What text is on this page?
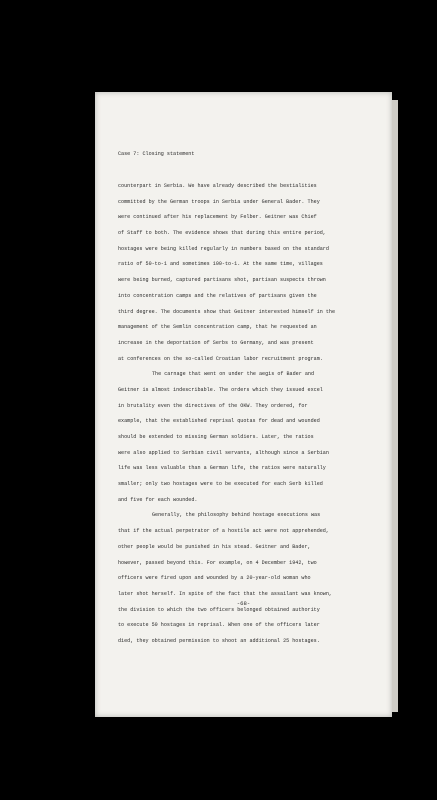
Case 7: Closing statement
counterpart in Serbia. We have already described the bestialities
committed by the German troops in Serbia under General Bader. They
were continued after his replacement by Felber. Geitner was Chief
of Staff to both. The evidence shows that during this entire period,
hostages were being killed regularly in numbers based on the standard
ratio of 50-to-1 and sometimes 100-to-1. At the same time, villages
were being burned, captured partisans shot, partisan suspects thrown
into concentration camps and the relatives of partisans given the
third degree. The documents show that Geitner interested himself in the
management of the Semlin concentration camp, that he requested an
increase in the deportation of Serbs to Germany, and was present
at conferences on the so-called Croatian labor recruitment program.
The carnage that went on under the aegis of Bader and
Geitner is almost indescribable. The orders which they issued excel
in brutality even the directives of the OKW. They ordered, for
example, that the established reprisal quotas for dead and wounded
should be extended to missing German soldiers. Later, the ratios
were also applied to Serbian civil servants, although since a Serbian
life was less valuable than a German life, the ratios were naturally
smaller; only two hostages were to be executed for each Serb killed
and five for each wounded.
Generally, the philosophy behind hostage executions was
that if the actual perpetrator of a hostile act were not apprehended,
other people would be punished in his stead. Geitner and Bader,
however, passed beyond this. For example, on 4 December 1942, two
officers were fired upon and wounded by a 20-year-old woman who
later shot herself. In spite of the fact that the assailant was known,
the division to which the two officers belonged obtained authority
to execute 50 hostages in reprisal. When one of the officers later
died, they obtained permission to shoot an additional 25 hostages.
-68-
